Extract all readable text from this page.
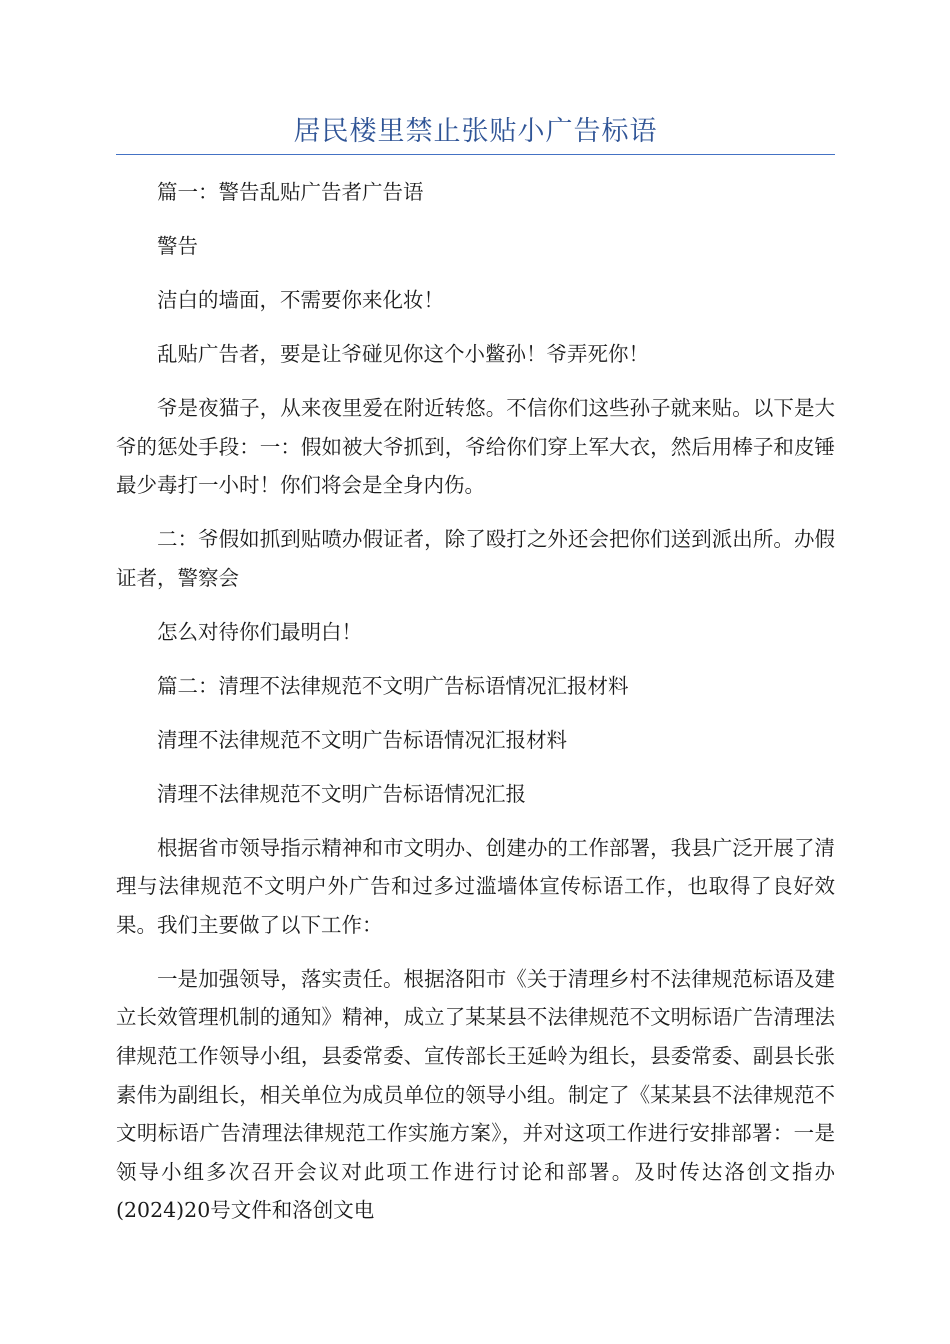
居民楼里禁止张贴小广告标语

篇一：警告乱贴广告者广告语

警告

洁白的墙面，不需要你来化妆！

乱贴广告者，要是让爷碰见你这个小鳖孙！爷弄死你！

爷是夜猫子，从来夜里爱在附近转悠。不信你们这些孙子就来贴。以下是大爷的惩处手段：一：假如被大爷抓到，爷给你们穿上军大衣，然后用棒子和皮锤最少毒打一小时！你们将会是全身内伤。

二：爷假如抓到贴喷办假证者，除了殴打之外还会把你们送到派出所。办假证者，警察会

怎么对待你们最明白！

篇二：清理不法律规范不文明广告标语情况汇报材料

清理不法律规范不文明广告标语情况汇报材料

清理不法律规范不文明广告标语情况汇报

根据省市领导指示精神和市文明办、创建办的工作部署，我县广泛开展了清理与法律规范不文明户外广告和过多过滥墙体宣传标语工作，也取得了良好效果。我们主要做了以下工作：

一是加强领导，落实责任。根据洛阳市《关于清理乡村不法律规范标语及建立长效管理机制的通知》精神，成立了某某县不法律规范不文明标语广告清理法律规范工作领导小组，县委常委、宣传部长王延岭为组长，县委常委、副县长张素伟为副组长，相关单位为成员单位的领导小组。制定了《某某县不法律规范不文明标语广告清理法律规范工作实施方案》，并对这项工作进行安排部署：一是领导小组多次召开会议对此项工作进行讨论和部署。及时传达洛创文指办(2024)20号文件和洛创文电
